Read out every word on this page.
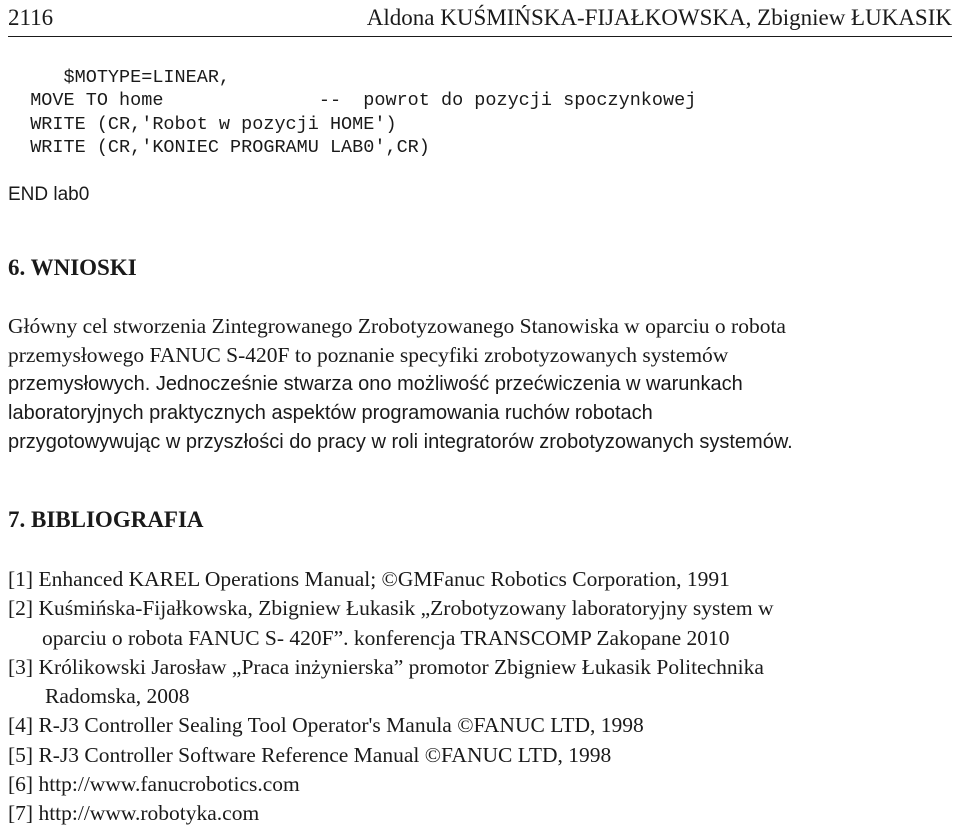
2116	Aldona KUŚMIŃSKA-FIJAŁKOWSKA, Zbigniew ŁUKASIK
$MOTYPE=LINEAR,
MOVE TO home              --  powrot do pozycji spoczynkowej
WRITE (CR,'Robot w pozycji HOME')
WRITE (CR,'KONIEC PROGRAMU LAB0',CR)
END lab0
6. WNIOSKI
Główny cel stworzenia Zintegrowanego Zrobotyzowanego Stanowiska w oparciu o robota
przemysłowego FANUC S-420F to poznanie specyfiki zrobotyzowanych systemów
przemysłowych. Jednocześnie stwarza ono możliwość przećwiczenia w warunkach
laboratoryjnych praktycznych aspektów programowania ruchów robotach
przygotowywując w przyszłości do pracy w roli integratorów zrobotyzowanych systemów.
7. BIBLIOGRAFIA
[1] Enhanced KAREL Operations Manual; ©GMFanuc Robotics Corporation, 1991
[2] Kuśmińska-Fijałkowska, Zbigniew Łukasik „Zrobotyzowany laboratoryjny system w
oparciu o robota FANUC S- 420F”. konferencja TRANSCOMP Zakopane 2010
[3] Królikowski Jarosław „Praca inżynierska” promotor Zbigniew Łukasik Politechnika
Radomska, 2008
[4] R-J3 Controller Sealing Tool Operator's Manula ©FANUC LTD, 1998
[5] R-J3 Controller Software Reference Manual ©FANUC LTD, 1998
[6] http://www.fanucrobotics.com
[7] http://www.robotyka.com
